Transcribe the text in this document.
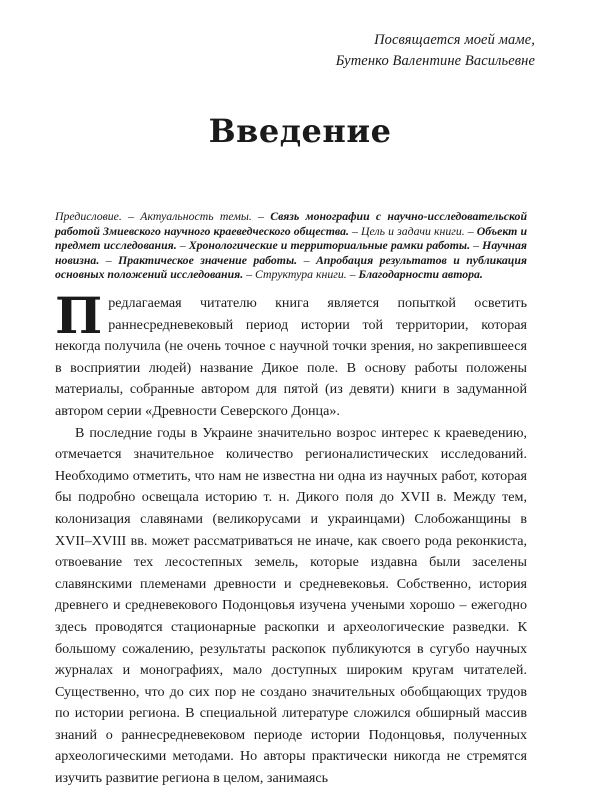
Посвящается моей маме,
Бутенко Валентине Васильевне
Введение
Предисловие. – Актуальность темы. – Связь монографии с научно-исследовательской работой Змиевского научного краеведческого общества. – Цель и задачи книги. – Объект и предмет исследования. – Хронологические и территориальные рамки работы. – Научная новизна. – Практическое значение работы. – Апробация результатов и публикация основных положений исследования. – Структура книги. – Благодарности автора.

Предлагаемая читателю книга является попыткой осветить раннесредневековый период истории той территории, которая некогда получила (не очень точное с научной точки зрения, но закрепившееся в восприятии людей) название Дикое поле. В основу работы положены материалы, собранные автором для пятой (из девяти) книги в задуманной автором серии «Древности Северского Донца».

В последние годы в Украине значительно возрос интерес к краеведению, отмечается значительное количество регионалистических исследований. Необходимо отметить, что нам не известна ни одна из научных работ, которая бы подробно освещала историю т. н. Дикого поля до XVII в. Между тем, колонизация славянами (великорусами и украинцами) Слобожанщины в XVII–XVIII вв. может рассматриваться не иначе, как своего рода реконкиста, отвоевание тех лесостепных земель, которые издавна были заселены славянскими племенами древности и средневековья. Собственно, история древнего и средневекового Подонцовья изучена учеными хорошо – ежегодно здесь проводятся стационарные раскопки и археологические разведки. К большому сожалению, результаты раскопок публикуются в сугубо научных журналах и монографиях, мало доступных широким кругам читателей. Существенно, что до сих пор не создано значительных обобщающих трудов по истории региона. В специальной литературе сложился обширный массив знаний о раннесредневековом периоде истории Подонцовья, полученных археологическими методами. Но авторы практически никогда не стремятся изучить развитие региона в целом, занимаясь
